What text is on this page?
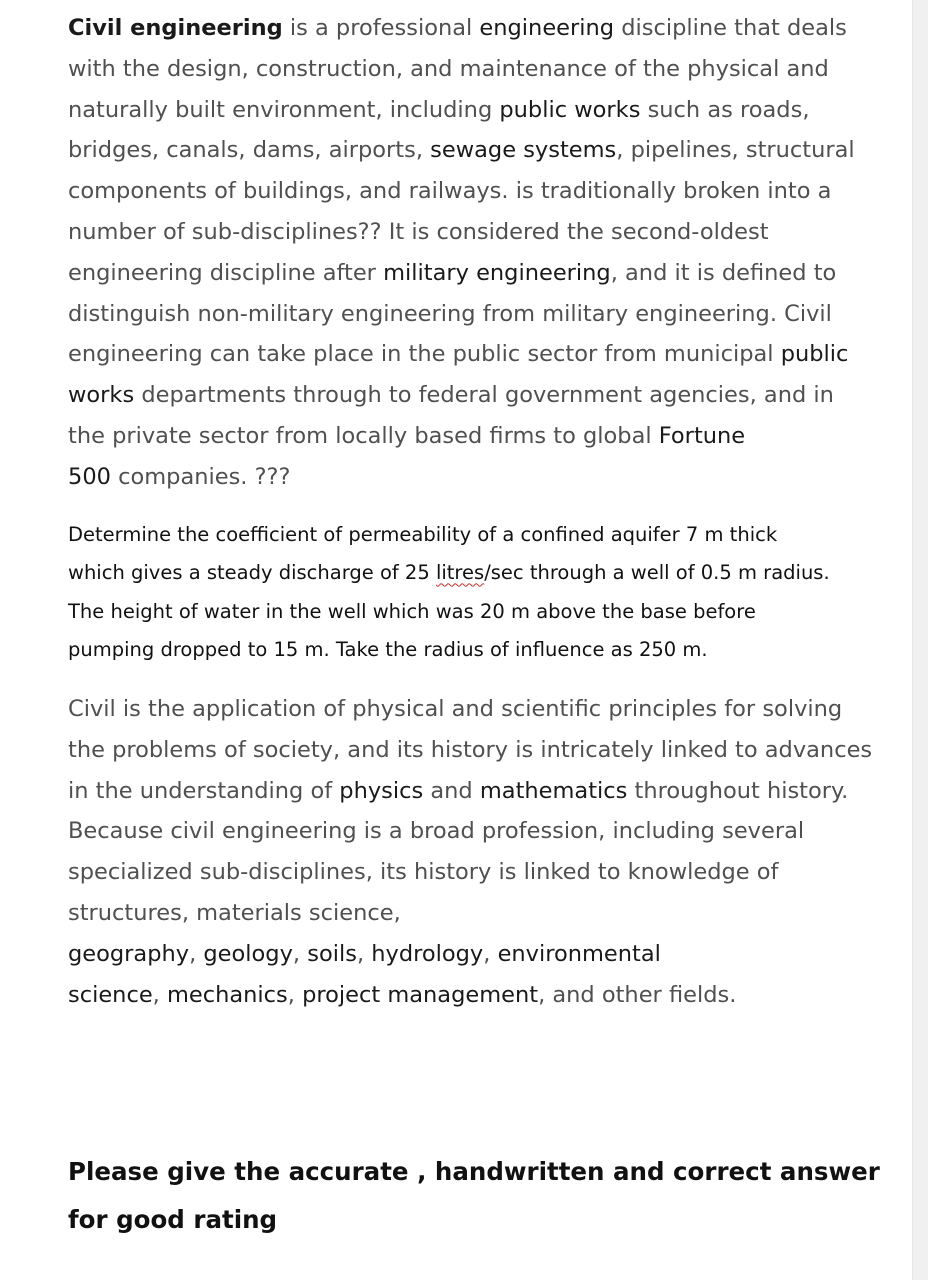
Civil engineering is a professional engineering discipline that deals
with the design, construction, and maintenance of the physical and
naturally built environment, including public works such as roads,
bridges, canals, dams, airports, sewage systems, pipelines, structural
components of buildings, and railways. is traditionally broken into a
number of sub-disciplines?? It is considered the second-oldest
engineering discipline after military engineering, and it is defined to
distinguish non-military engineering from military engineering. Civil
engineering can take place in the public sector from municipal public
works departments through to federal government agencies, and in
the private sector from locally based firms to global Fortune
500 companies. ???
Determine the coefficient of permeability of a confined aquifer 7 m thick
which gives a steady discharge of 25 litres/sec through a well of 0.5 m radius.
The height of water in the well which was 20 m above the base before
pumping dropped to 15 m. Take the radius of influence as 250 m.
Civil is the application of physical and scientific principles for solving
the problems of society, and its history is intricately linked to advances
in the understanding of physics and mathematics throughout history.
Because civil engineering is a broad profession, including several
specialized sub-disciplines, its history is linked to knowledge of
structures, materials science,
geography, geology, soils, hydrology, environmental
science, mechanics, project management, and other fields.
Please give the accurate , handwritten and correct answer
for good rating
